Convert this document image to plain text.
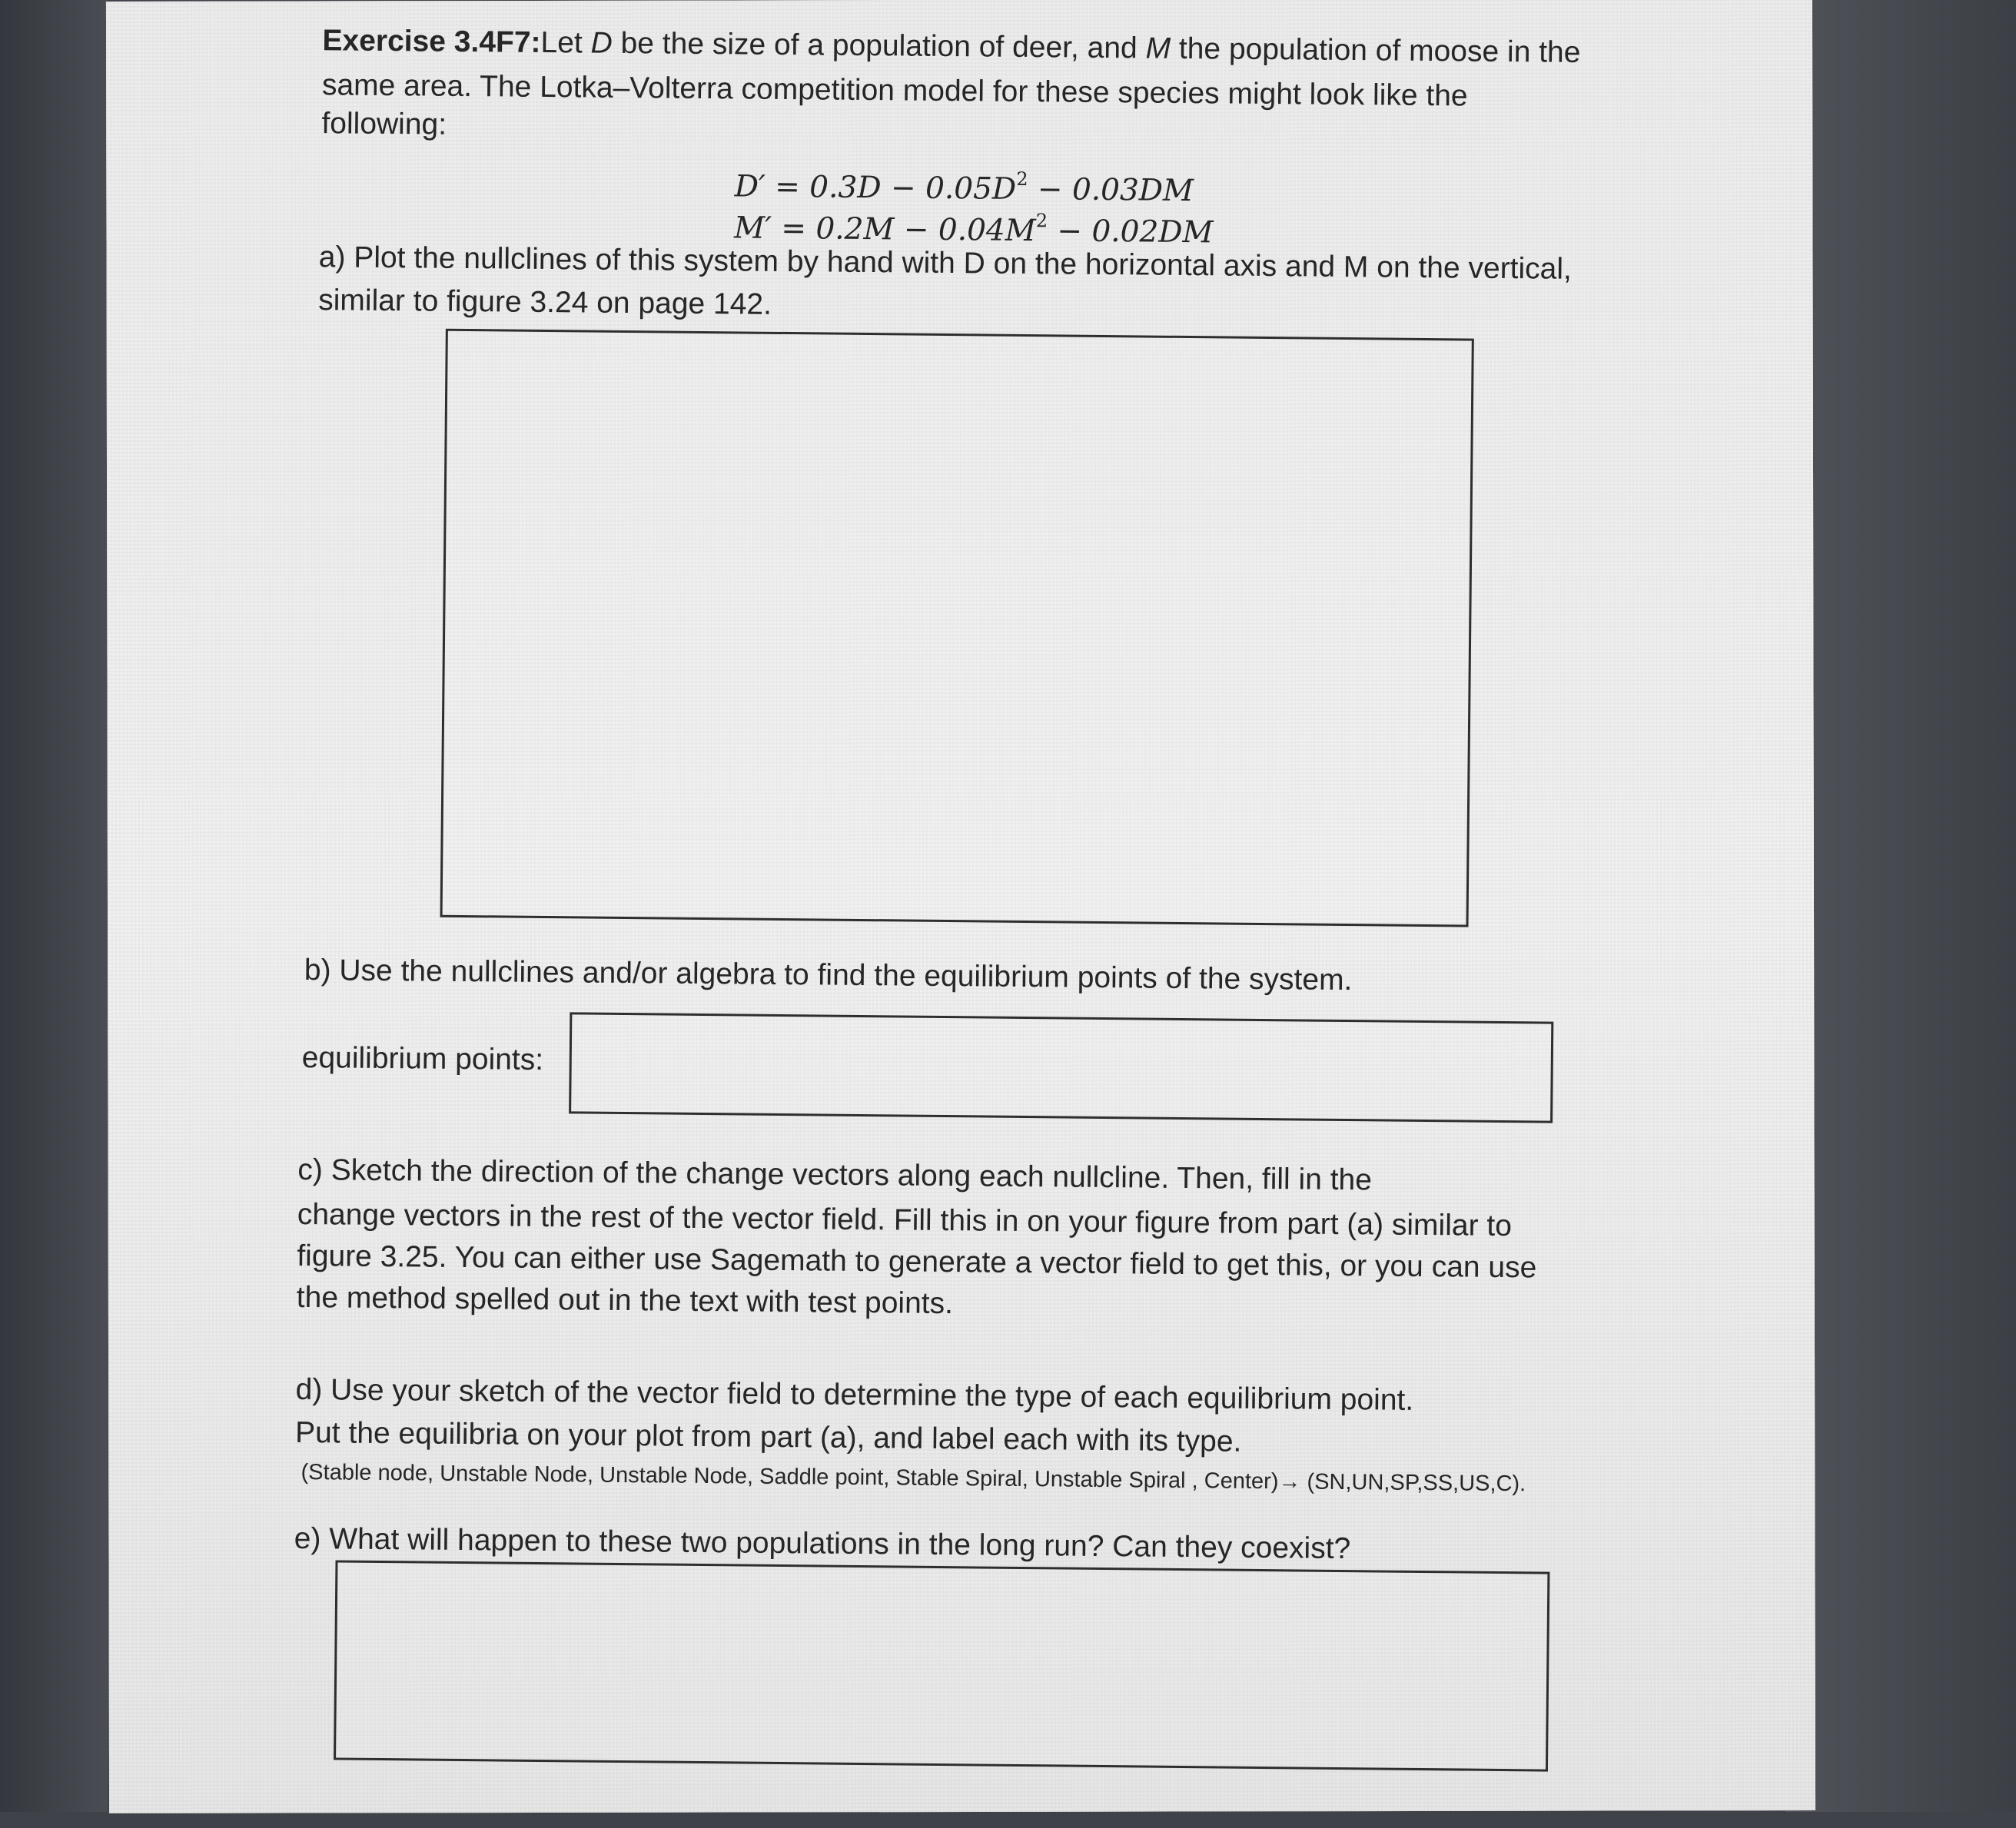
Exercise 3.4F7:Let D be the size of a population of deer, and M the population of moose in the
same area. The Lotka–Volterra competition model for these species might look like the
following:
$D' = 0.3D - 0.05D^2 - 0.03DM$
$M' = 0.2M - 0.04M^2 - 0.02DM$
a) Plot the nullclines of this system by hand with D on the horizontal axis and M on the vertical,
similar to figure 3.24 on page 142.
b) Use the nullclines and/or algebra to find the equilibrium points of the system.
equilibrium points:
c) Sketch the direction of the change vectors along each nullcline. Then, fill in the
change vectors in the rest of the vector field. Fill this in on your figure from part (a) similar to
figure 3.25. You can either use Sagemath to generate a vector field to get this, or you can use
the method spelled out in the text with test points.
d) Use your sketch of the vector field to determine the type of each equilibrium point.
Put the equilibria on your plot from part (a), and label each with its type.
(Stable node, Unstable Node, Unstable Node, Saddle point, Stable Spiral, Unstable Spiral , Center)→ (SN,UN,SP,SS,US,C).
e) What will happen to these two populations in the long run? Can they coexist?
